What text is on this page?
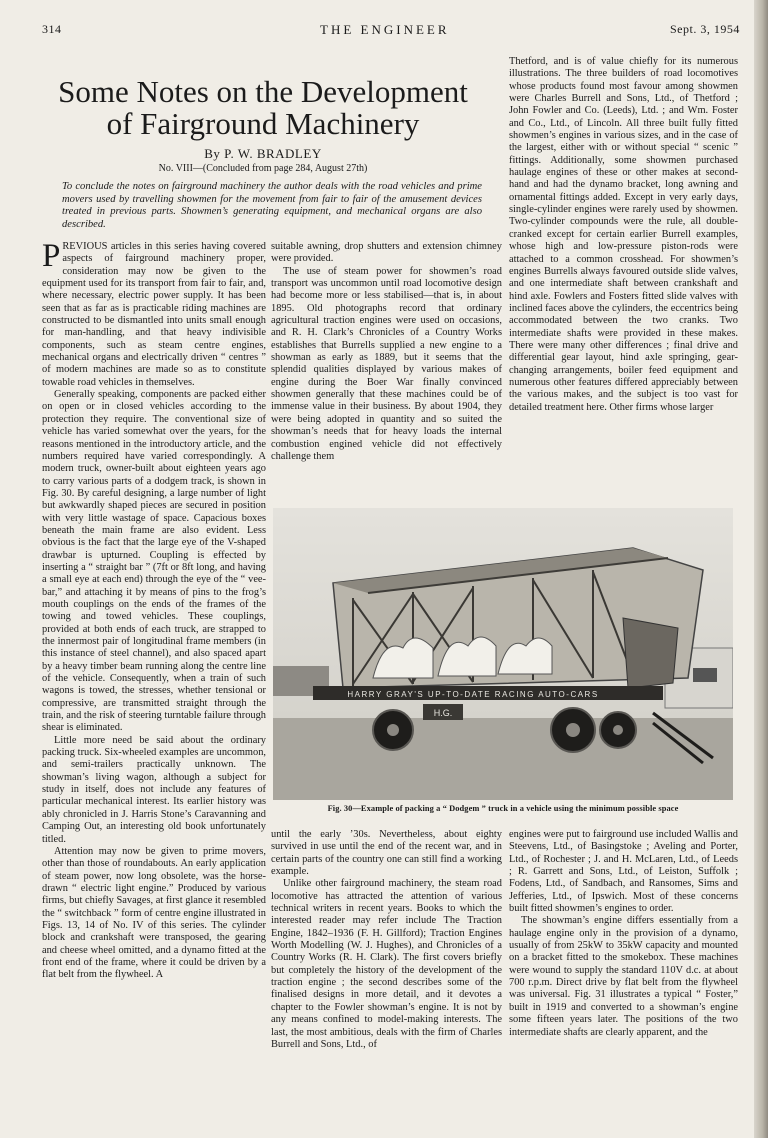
314	THE ENGINEER	Sept. 3, 1954
Some Notes on the Development of Fairground Machinery
By P. W. BRADLEY
No. VIII—(Concluded from page 284, August 27th)
To conclude the notes on fairground machinery the author deals with the road vehicles and prime movers used by travelling showmen for the movement from fair to fair of the amusement devices treated in previous parts. Showmen’s generating equipment, and mechanical organs are also described.

PREVIOUS articles in this series having covered aspects of fairground machinery proper, consideration may now be given to the equipment used for its transport from fair to fair, and, where necessary, electric power supply. It has been seen that as far as is practicable riding machines are constructed to be dismantled into units small enough for man-handling, and that heavy indivisible components, such as steam centre engines, mechanical organs and electrically driven “ centres ” of modern machines are made so as to constitute towable road vehicles in themselves.

Generally speaking, components are packed either on open or in closed vehicles according to the protection they require. The conventional size of vehicle has varied somewhat over the years, for the reasons mentioned in the introductory article, and the numbers required have varied correspondingly. A modern truck, owner-built about eighteen years ago to carry various parts of a dodgem track, is shown in Fig. 30. By careful designing, a large number of light but awkwardly shaped pieces are secured in position with very little wastage of space. Capacious boxes beneath the main frame are also evident. Less obvious is the fact that the large eye of the V-shaped drawbar is upturned. Coupling is effected by inserting a “ straight bar ” (7ft or 8ft long, and having a small eye at each end) through the eye of the “ vee-bar,” and attaching it by means of pins to the frog’s mouth couplings on the ends of the frames of the towing and towed vehicles. These couplings, provided at both ends of each truck, are strapped to the innermost pair of longitudinal frame members (in this instance of steel channel), and also spaced apart by a heavy timber beam running along the centre line of the vehicle. Consequently, when a train of such wagons is towed, the stresses, whether tensional or compressive, are transmitted straight through the train, and the risk of steering turntable failure through shear is eliminated.

Little more need be said about the ordinary packing truck. Six-wheeled examples are uncommon, and semi-trailers practically unknown. The showman’s living wagon, although a subject for study in itself, does not include any features of particular mechanical interest. Its earlier history was ably chronicled in J. Harris Stone’s Caravanning and Camping Out, an interesting old book unfortunately titled.

Attention may now be given to prime movers, other than those of roundabouts. An early application of steam power, now long obsolete, was the horse-drawn “ electric light engine.” Produced by various firms, but chiefly Savages, at first glance it resembled the “ switchback ” form of centre engine illustrated in Figs. 13, 14 of No. IV of this series. The cylinder block and crankshaft were transposed, the gearing and cheese wheel omitted, and a dynamo fitted at the front end of the frame, where it could be driven by a flat belt from the flywheel. A

suitable awning, drop shutters and extension chimney were provided.

The use of steam power for showmen’s road transport was uncommon until road locomotive design had become more or less stabilised—that is, in about 1895. Old photographs record that ordinary agricultural traction engines were used on occasions, and R. H. Clark’s Chronicles of a Country Works establishes that Burrells supplied a new engine to a showman as early as 1889, but it seems that the splendid qualities displayed by various makes of engine during the Boer War finally convinced showmen generally that these machines could be of immense value in their business. By about 1904, they were being adopted in quantity and so suited the showman’s needs that for heavy loads the internal combustion engined vehicle did not effectively challenge them

Thetford, and is of value chiefly for its numerous illustrations. The three builders of road locomotives whose products found most favour among showmen were Charles Burrell and Sons, Ltd., of Thetford ; John Fowler and Co. (Leeds), Ltd. ; and Wm. Foster and Co., Ltd., of Lincoln. All three built fully fitted showmen’s engines in various sizes, and in the case of the largest, either with or without special “ scenic ” fittings. Additionally, some showmen purchased haulage engines of these or other makes at second-hand and had the dynamo bracket, long awning and ornamental fittings added. Except in very early days, single-cylinder engines were rarely used by showmen. Two-cylinder compounds were the rule, all double-cranked except for certain earlier Burrell examples, whose high and low-pressure piston-rods were attached to a common crosshead. For showmen’s engines Burrells always favoured outside slide valves, and one intermediate shaft between crankshaft and hind axle. Fowlers and Fosters fitted slide valves with inclined faces above the cylinders, the eccentrics being accommodated between the two cranks. Two intermediate shafts were provided in these makes. There were many other differences ; final drive and differential gear layout, hind axle springing, gear-changing arrangements, boiler feed equipment and numerous other features differed appreciably between the various makes, and the subject is too vast for detailed treatment here. Other firms whose larger

HARRY GRAY'S UP-TO-DATE RACING AUTO-CARS
H.G.
Fig. 30—Example of packing a “ Dodgem ” truck in a vehicle using the minimum possible space

until the early ’30s. Nevertheless, about eighty survived in use until the end of the recent war, and in certain parts of the country one can still find a working example.

Unlike other fairground machinery, the steam road locomotive has attracted the attention of various technical writers in recent years. Books to which the interested reader may refer include The Traction Engine, 1842–1936 (F. H. Gillford); Traction Engines Worth Modelling (W. J. Hughes), and Chronicles of a Country Works (R. H. Clark). The first covers briefly but completely the history of the development of the traction engine ; the second describes some of the finalised designs in more detail, and it devotes a chapter to the Fowler showman’s engine. It is not by any means confined to model-making interests. The last, the most ambitious, deals with the firm of Charles Burrell and Sons, Ltd., of

engines were put to fairground use included Wallis and Steevens, Ltd., of Basingstoke ; Aveling and Porter, Ltd., of Rochester ; J. and H. McLaren, Ltd., of Leeds ; R. Garrett and Sons, Ltd., of Leiston, Suffolk ; Fodens, Ltd., of Sandbach, and Ransomes, Sims and Jefferies, Ltd., of Ipswich. Most of these concerns built fitted showmen’s engines to order.

The showman’s engine differs essentially from a haulage engine only in the provision of a dynamo, usually of from 25kW to 35kW capacity and mounted on a bracket fitted to the smokebox. These machines were wound to supply the standard 110V d.c. at about 700 r.p.m. Direct drive by flat belt from the flywheel was universal. Fig. 31 illustrates a typical “ Foster,” built in 1919 and converted to a showman’s engine some fifteen years later. The positions of the two intermediate shafts are clearly apparent, and the
